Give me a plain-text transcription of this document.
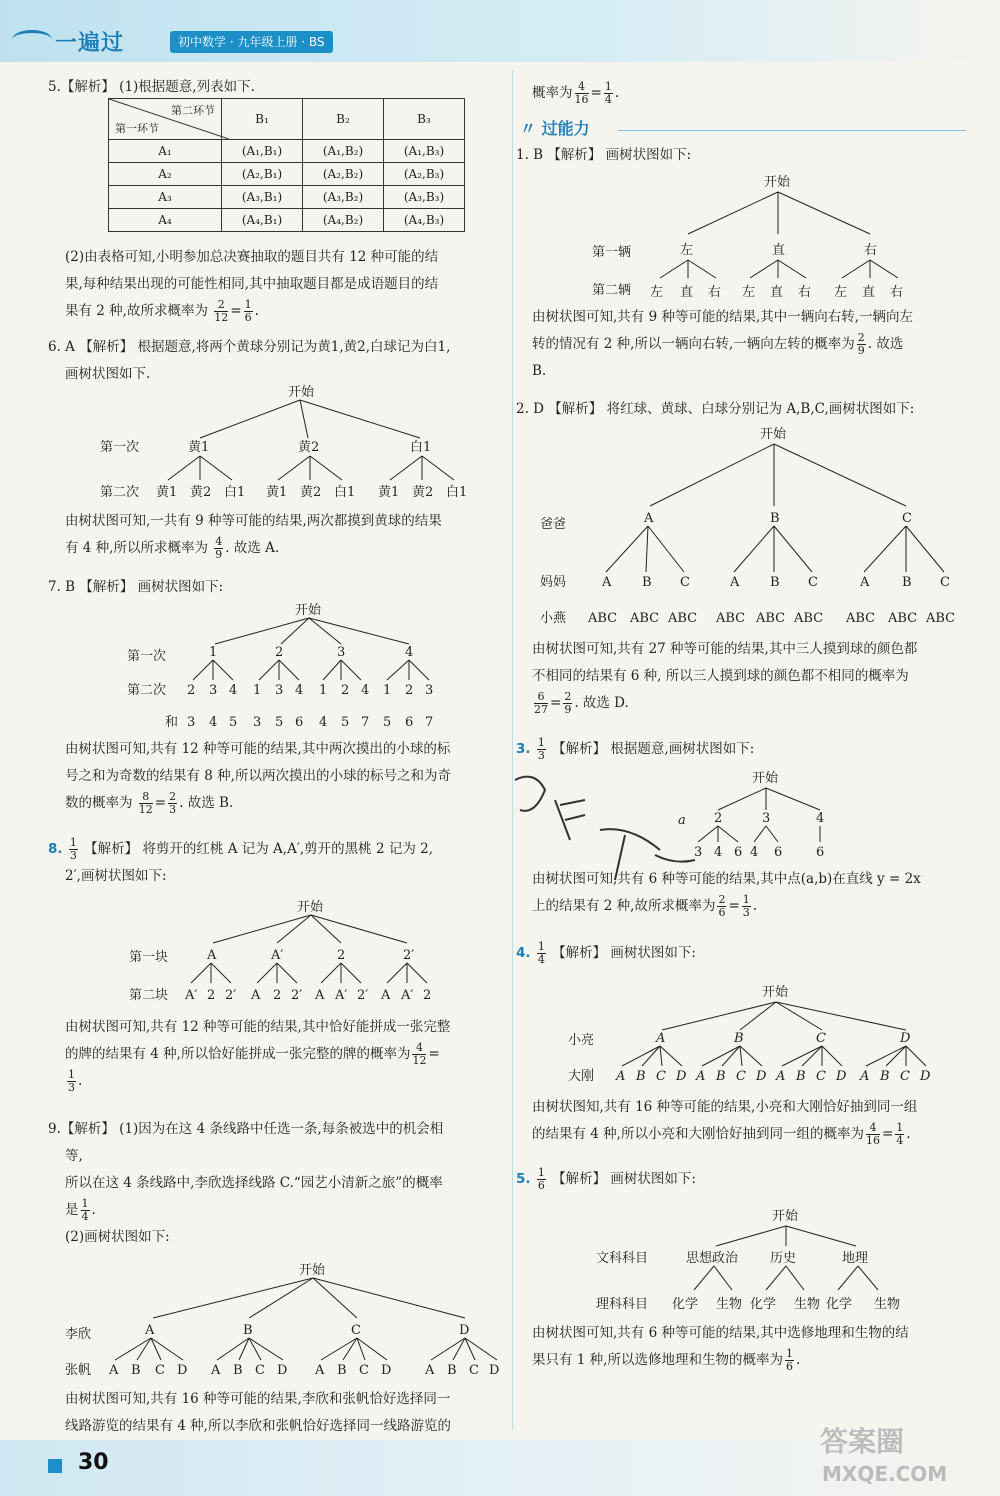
一遍过	初中数学 · 九年级上册 · BS
5.【解析】 (1)根据题意,列表如下.
第二环节
第一环节	B₁	B₂	B₃
A₁	(A₁,B₁)	(A₁,B₂)	(A₁,B₃)
A₂	(A₂,B₁)	(A₂,B₂)	(A₂,B₃)
A₃	(A₃,B₁)	(A₃,B₂)	(A₃,B₃)
A₄	(A₄,B₁)	(A₄,B₂)	(A₄,B₃)
(2)由表格可知,小明参加总决赛抽取的题目共有 12 种可能的结
果,每种结果出现的可能性相同,其中抽取题目都是成语题目的结
果有 2 种,故所求概率为 $\frac{2}{12} = \frac{1}{6}$ .
6. A 【解析】 根据题意,将两个黄球分别记为黄1,黄2,白球记为白1,
画树状图如下.
开始
第一次	黄1	黄2	白1
第二次 黄1 黄2 白1 黄1 黄2 白1 黄1 黄2 白1
由树状图可知,一共有 9 种等可能的结果,两次都摸到黄球的结果
有 4 种,所以所求概率为 $\frac{4}{9}$ . 故选 A.
7. B 【解析】 画树状图如下:
开始
第一次	1	2	3	4
第二次 2 3 4 1 3 4 1 2 4 1 2 3
和 3 4 5 3 5 6 4 5 7 5 6 7
由树状图可知,共有 12 种等可能的结果,其中两次摸出的小球的标
号之和为奇数的结果有 8 种,所以两次摸出的小球的标号之和为奇
数的概率为 $\frac{8}{12} = \frac{2}{3}$ . 故选 B.
8. $\frac{1}{3}$ 【解析】 将剪开的红桃 A 记为 A,A′,剪开的黑桃 2 记为 2,
2′,画树状图如下:
开始
第一块	A	A′	2	2′
第二块 A′ 2 2′ A 2 2′ A A′ 2′ A A′ 2
由树状图可知,共有 12 种等可能的结果,其中恰好能拼成一张完整
的牌的结果有 4 种,所以恰好能拼成一张完整的牌的概率为 $\frac{4}{12}$ =
$\frac{1}{3}$ .
9.【解析】 (1)因为在这 4 条线路中任选一条,每条被选中的机会相
等,
所以在这 4 条线路中,李欣选择线路 C.“园艺小清新之旅”的概率
是 $\frac{1}{4}$ .
(2)画树状图如下:
开始
李欣	A	B	C	D
张帆 A B C D A B C D A B C D	A B C D
由树状图可知,共有 16 种等可能的结果,李欣和张帆恰好选择同一
线路游览的结果有 4 种,所以李欣和张帆恰好选择同一线路游览的
概率为 $\frac{4}{16} = \frac{1}{4}$ .
〃 过能力
1. B 【解析】 画树状图如下:
开始
第一辆	左	直	右
第二辆 左 直 右 左 直 右 左 直 右
由树状图可知,共有 9 种等可能的结果,其中一辆向右转,一辆向左
转的情况有 2 种,所以一辆向右转,一辆向左转的概率为 $\frac{2}{9}$ . 故选
B.
2. D 【解析】 将红球、黄球、白球分别记为 A,B,C,画树状图如下:
开始
爸爸	A	B	C
妈妈	A B C	A B C	A	B C
小燕 ABC ABC ABC ABC ABC ABC ABC ABC ABC
由树状图可知,共有 27 种等可能的结果,其中三人摸到球的颜色都
不相同的结果有 6 种, 所以三人摸到球的颜色都不相同的概率为
$\frac{6}{27} = \frac{2}{9}$ . 故选 D.
3. $\frac{1}{3}$ 【解析】 根据题意,画树状图如下:
开始
a 2	3	4
3 4 6 4 6	6
由树状图可知,共有 6 种等可能的结果,其中点(a,b)在直线 y = 2x
上的结果有 2 种,故所求概率为 $\frac{2}{6} = \frac{1}{3}$ .
4. $\frac{1}{4}$ 【解析】 画树状图如下:
开始
小亮	A	B	C	D
大刚 A B C D A B C D A B C D A B C D
由树状图知,共有 16 种等可能的结果,小亮和大刚恰好抽到同一组
的结果有 4 种,所以小亮和大刚恰好抽到同一组的概率为 $\frac{4}{16} = \frac{1}{4}$ .
5. $\frac{1}{6}$ 【解析】 画树状图如下:
开始
文科科目	思想政治 历史	地理
理科科目 化学 生物 化学 生物 化学 生物
由树状图可知,共有 6 种等可能的结果,其中选修地理和生物的结
果只有 1 种,所以选修地理和生物的概率为 $\frac{1}{6}$ .
30
答案圈
MXQE.COM
